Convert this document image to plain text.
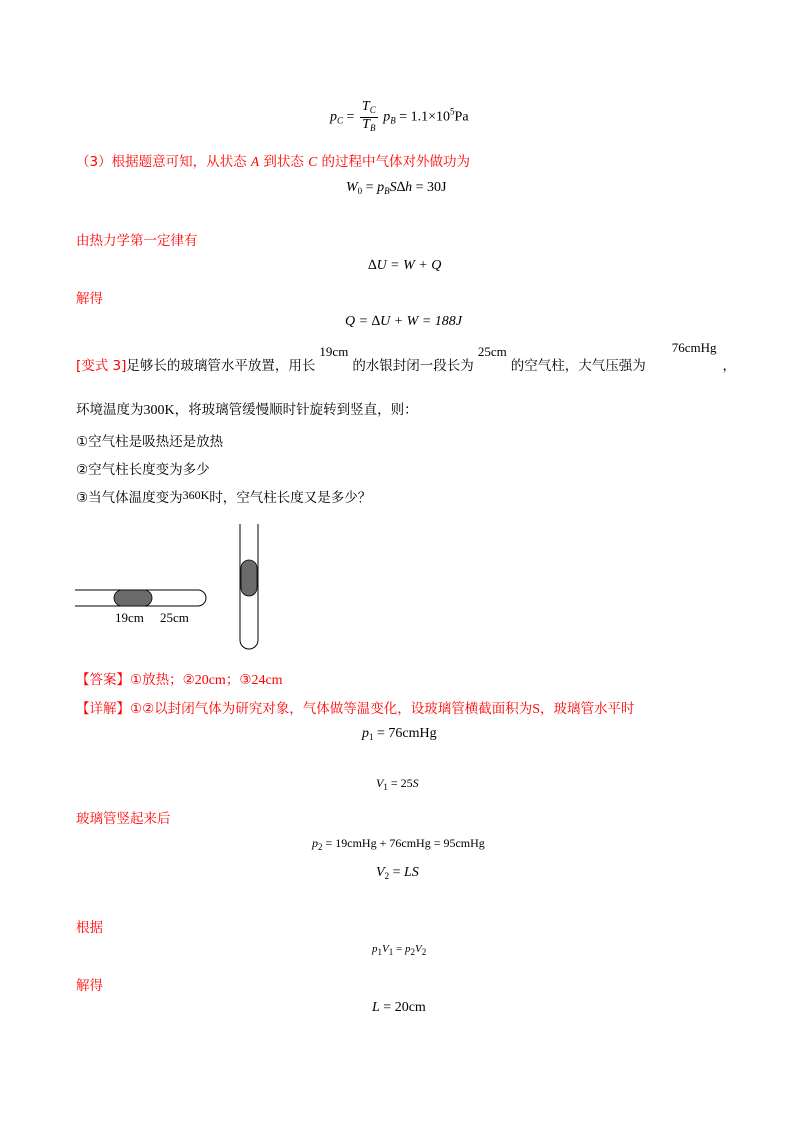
$p_C = \frac{T_C}{T_B} p_B = 1.1\times 10^5Pa$
（3）根据题意可知，从状态 A 到状态 C 的过程中气体对外做功为
$W_0 = p_BS\Delta h = 30J$
由热力学第一定律有
∆U = W + Q
解得
Q = ∆U + W = 188J
[变式 3]足够长的玻璃管水平放置，用长19cm的水银封闭一段长为25cm的空气柱，大气压强为76cmHg，
环境温度为300K，将玻璃管缓慢顺时针旋转到竖直，则：
①空气柱是吸热还是放热
②空气柱长度变为多少
③当气体温度变为360K时，空气柱长度又是多少？
19cm 25cm
【答案】①放热；②20cm；③24cm
【详解】①②以封闭气体为研究对象，气体做等温变化，设玻璃管横截面积为S，玻璃管水平时
$p_1$ = 76cmHg
$V_1 = 25S$
玻璃管竖起来后
$p_2$ = 19cmHg + 76cmHg = 95cmHg
$V_2$ = LS
根据
$p_1V_1 = p_2V_2$
解得
L = 20cm
